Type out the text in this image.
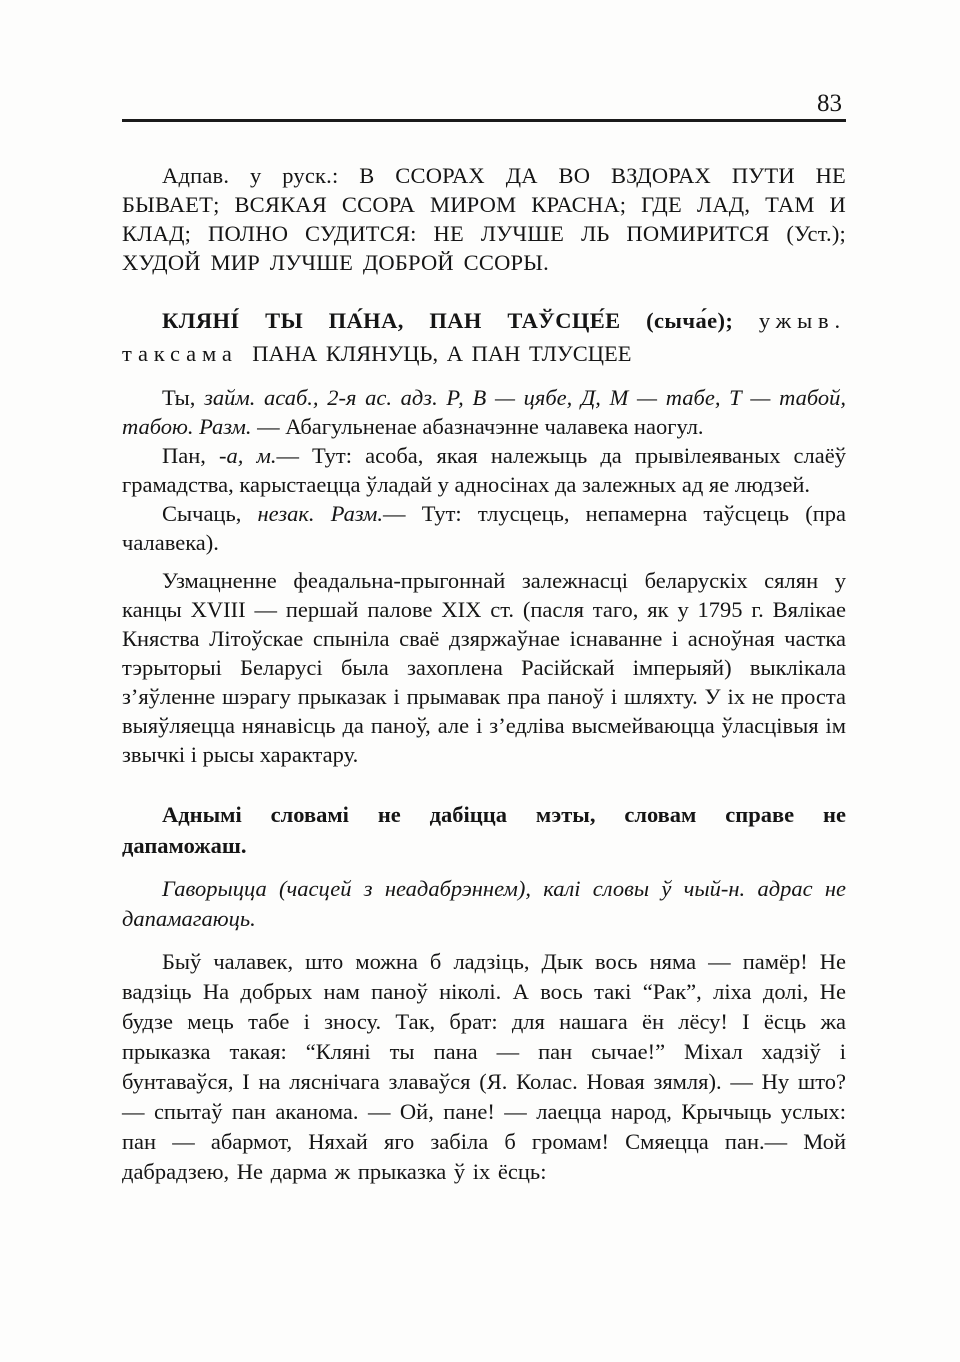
83

Адпав. у руск.: В ССОРАХ ДА ВО ВЗДОРАХ ПУТИ НЕ БЫВАЕТ; ВСЯКАЯ ССОРА МИРОМ КРАСНА; ГДЕ ЛАД, ТАМ И КЛАД; ПОЛНО СУДИТСЯ: НЕ ЛУЧШЕ ЛЬ ПОМИРИТСЯ (Уст.); ХУДОЙ МИР ЛУЧШЕ ДОБРОЙ ССОРЫ.

КЛЯНІ́ ТЫ ПА́НА, ПАН ТАЎСЦЕ́Е (сыча́е); ужыв. таксама ПАНА КЛЯНУЦЬ, А ПАН ТЛУСЦЕЕ

Ты, займ. асаб., 2-я ас. адз. Р, В — цябе, Д, М — табе, Т — табой, табою. Разм. — Абагульненае абазначэнне чалавека наогул.

Пан, -а, м.— Тут: асоба, якая належыць да прывілеяваных слаёў грамадства, карыстаецца ўладай у адносінах да залежных ад яе людзей.

Сычаць, незак. Разм.— Тут: тлусцець, непамерна таўсцець (пра чалавека).

Узмацненне феадальна-прыгоннай залежнасці беларускіх сялян у канцы XVIII — першай палове XIX ст. (пасля таго, як у 1795 г. Вялікае Княства Літоўскае спыніла сваё дзяржаўнае існаванне і асноўная частка тэрыторыі Беларусі была захоплена Расійскай імперыяй) выклікала з’яўленне шэрагу прыказак і прымавак пра паноў і шляхту. У іх не проста выяўляецца нянавісць да паноў, але і з’едліва высмейваюцца ўласцівыя ім звычкі і рысы характару.

Аднымі словамі не дабіцца мэты, словам справе не дапаможаш.

Гаворыцца (часцей з неадабрэннем), калі словы ў чый-н. адрас не дапамагаюць.

Быў чалавек, што можна б ладзіць, Дык вось няма — памёр! Не вадзіць На добрых нам паноў ніколі. А вось такі “Рак”, ліха долі, Не будзе мець табе і зносу. Так, брат: для нашага ён лёсу! І ёсць жа прыказка такая: “Кляні ты пана — пан сычае!” Міхал хадзіў і бунтаваўся, І на ляснічага злаваўся (Я. Колас. Новая зямля). — Ну што? — спытаў пан аканома. — Ой, пане! — лаецца народ, Крычыць услых: пан — абармот, Няхай яго забіла б громам! Смяецца пан.— Мой дабрадзею, Не дарма ж прыказка ў іх ёсць:
